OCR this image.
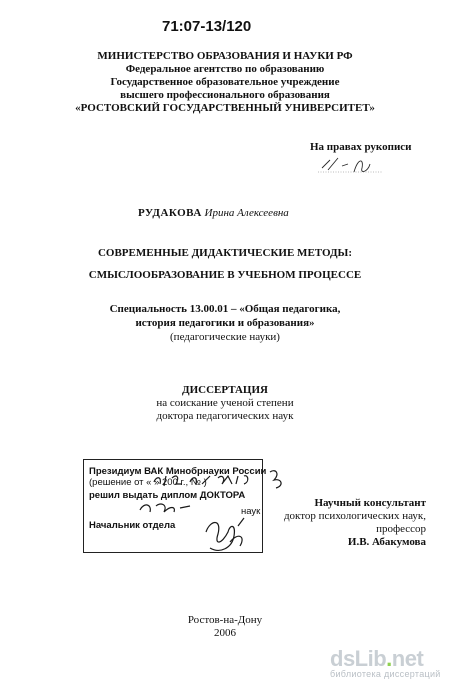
71:07-13/120
МИНИСТЕРСТВО ОБРАЗОВАНИЯ И НАУКИ РФ
Федеральное агентство по образованию
Государственное образовательное учреждение
высшего профессионального образования
«РОСТОВСКИЙ ГОСУДАРСТВЕННЫЙ УНИВЕРСИТЕТ»
На правах рукописи
РУДАКОВА Ирина Алексеевна
СОВРЕМЕННЫЕ ДИДАКТИЧЕСКИЕ МЕТОДЫ:
СМЫСЛООБРАЗОВАНИЕ В УЧЕБНОМ ПРОЦЕССЕ
Специальность 13.00.01 – «Общая педагогика,
история педагогики и образования»
(педагогические науки)
ДИССЕРТАЦИЯ
на соискание ученой степени
доктора педагогических наук
Президиум ВАК Минобрнауки России
(решение от « » 200 г., № )
решил выдать диплом ДОКТОРА
наук
Начальник отдела
Научный консультант
доктор психологических наук,
профессор
И.В. Абакумова
Ростов-на-Дону
2006
dsLib.net
библиотека диссертаций
